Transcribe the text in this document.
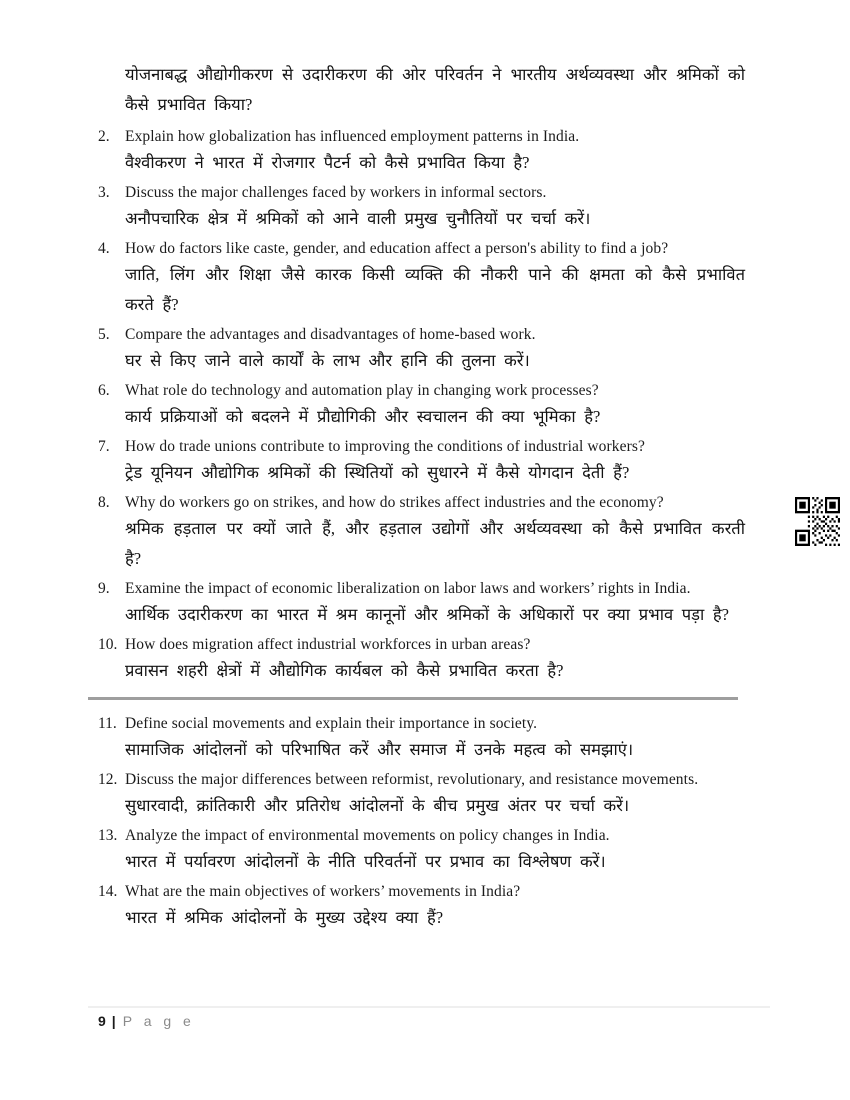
योजनाबद्ध औद्योगीकरण से उदारीकरण की ओर परिवर्तन ने भारतीय अर्थव्यवस्था और श्रमिकों को कैसे प्रभावित किया?
2. Explain how globalization has influenced employment patterns in India.
वैश्वीकरण ने भारत में रोजगार पैटर्न को कैसे प्रभावित किया है?
3. Discuss the major challenges faced by workers in informal sectors.
अनौपचारिक क्षेत्र में श्रमिकों को आने वाली प्रमुख चुनौतियों पर चर्चा करें।
4. How do factors like caste, gender, and education affect a person's ability to find a job?
जाति, लिंग और शिक्षा जैसे कारक किसी व्यक्ति की नौकरी पाने की क्षमता को कैसे प्रभावित करते हैं?
5. Compare the advantages and disadvantages of home-based work.
घर से किए जाने वाले कार्यों के लाभ और हानि की तुलना करें।
6. What role do technology and automation play in changing work processes?
कार्य प्रक्रियाओं को बदलने में प्रौद्योगिकी और स्वचालन की क्या भूमिका है?
7. How do trade unions contribute to improving the conditions of industrial workers?
ट्रेड यूनियन औद्योगिक श्रमिकों की स्थितियों को सुधारने में कैसे योगदान देती हैं?
8. Why do workers go on strikes, and how do strikes affect industries and the economy?
श्रमिक हड़ताल पर क्यों जाते हैं, और हड़ताल उद्योगों और अर्थव्यवस्था को कैसे प्रभावित करती है?
9. Examine the impact of economic liberalization on labor laws and workers’ rights in India.
आर्थिक उदारीकरण का भारत में श्रम कानूनों और श्रमिकों के अधिकारों पर क्या प्रभाव पड़ा है?
10. How does migration affect industrial workforces in urban areas?
प्रवासन शहरी क्षेत्रों में औद्योगिक कार्यबल को कैसे प्रभावित करता है?
11. Define social movements and explain their importance in society.
सामाजिक आंदोलनों को परिभाषित करें और समाज में उनके महत्व को समझाएं।
12. Discuss the major differences between reformist, revolutionary, and resistance movements.
सुधारवादी, क्रांतिकारी और प्रतिरोध आंदोलनों के बीच प्रमुख अंतर पर चर्चा करें।
13. Analyze the impact of environmental movements on policy changes in India.
भारत में पर्यावरण आंदोलनों के नीति परिवर्तनों पर प्रभाव का विश्लेषण करें।
14. What are the main objectives of workers’ movements in India?
भारत में श्रमिक आंदोलनों के मुख्य उद्देश्य क्या हैं?
9 | P a g e
